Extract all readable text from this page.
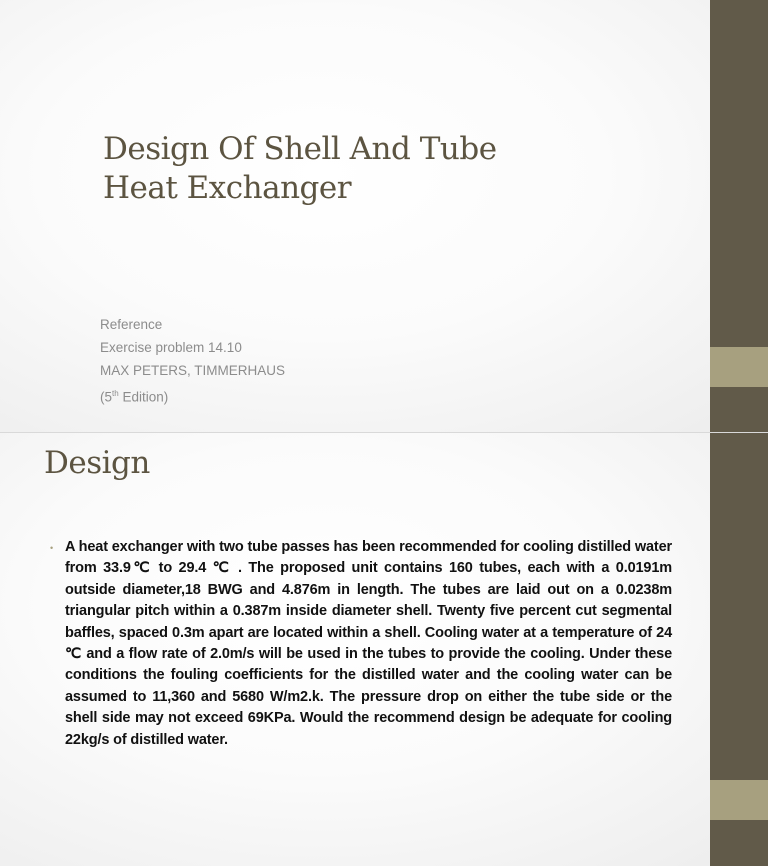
Design Of Shell And Tube
Heat Exchanger
Reference
Exercise problem 14.10
MAX PETERS, TIMMERHAUS
(5th Edition)
Design
• A heat exchanger with two tube passes has been recommended for cooling distilled water from 33.9℃ to 29.4 ℃ . The proposed unit contains 160 tubes, each with a 0.0191m outside diameter,18 BWG and 4.876m in length. The tubes are laid out on a 0.0238m triangular pitch within a 0.387m inside diameter shell. Twenty five percent cut segmental baffles, spaced 0.3m apart are located within a shell. Cooling water at a temperature of 24 ℃ and a flow rate of 2.0m/s will be used in the tubes to provide the cooling. Under these conditions the fouling coefficients for the distilled water and the cooling water can be assumed to 11,360 and 5680 W/m2.k. The pressure drop on either the tube side or the shell side may not exceed 69KPa. Would the recommend design be adequate for cooling 22kg/s of distilled water.
